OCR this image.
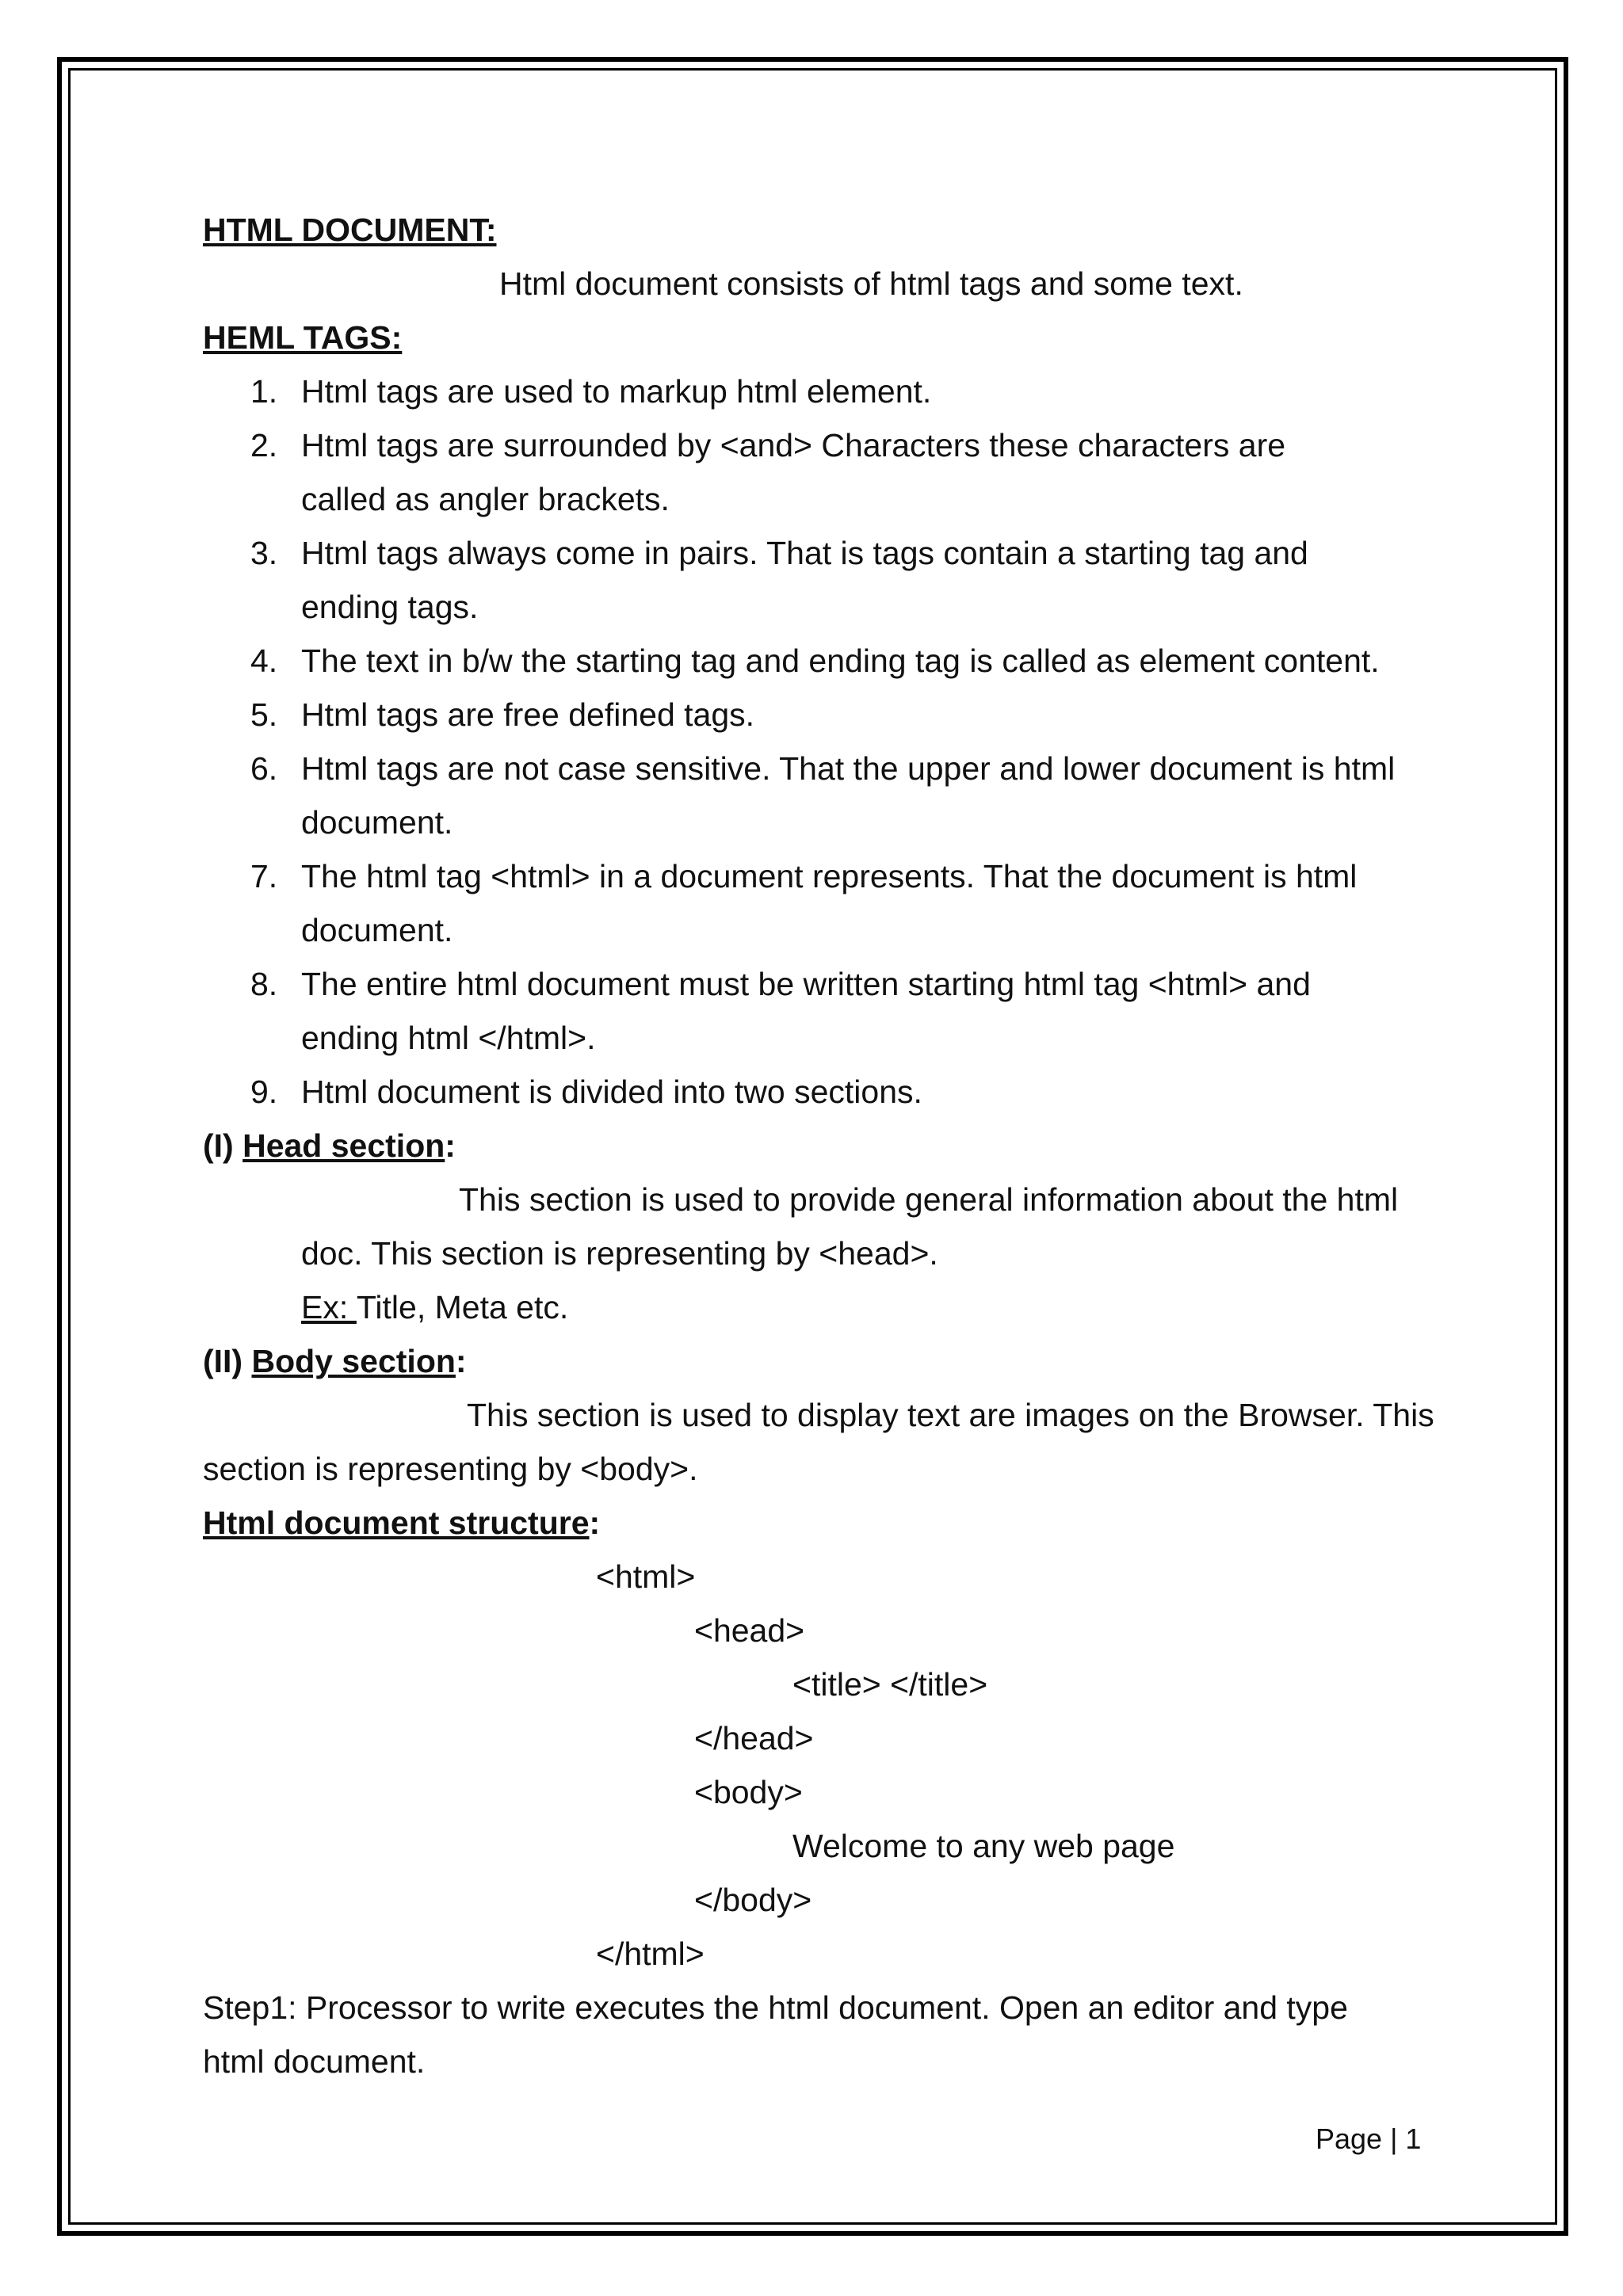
HTML DOCUMENT:
Html document consists of html tags and some text.
HEML TAGS:
1. Html tags are used to markup html element.
2. Html tags are surrounded by <and> Characters these characters are
called as angler brackets.
3. Html tags always come in pairs. That is tags contain a starting tag and
ending tags.
4. The text in b/w the starting tag and ending tag is called as element content.
5. Html tags are free defined tags.
6. Html tags are not case sensitive. That the upper and lower document is html
document.
7. The html tag <html> in a document represents. That the document is html
document.
8. The entire html document must be written starting html tag <html> and
ending html </html>.
9. Html document is divided into two sections.
(I) Head section:
This section is used to provide general information about the html
doc. This section is representing by <head>.
Ex: Title, Meta etc.
(II) Body section:
This section is used to display text are images on the Browser. This
section is representing by <body>.
Html document structure:
<html>
<head>
<title> </title>
</head>
<body>
Welcome to any web page
</body>
</html>
Step1: Processor to write executes the html document. Open an editor and type
html document.
Page | 1
